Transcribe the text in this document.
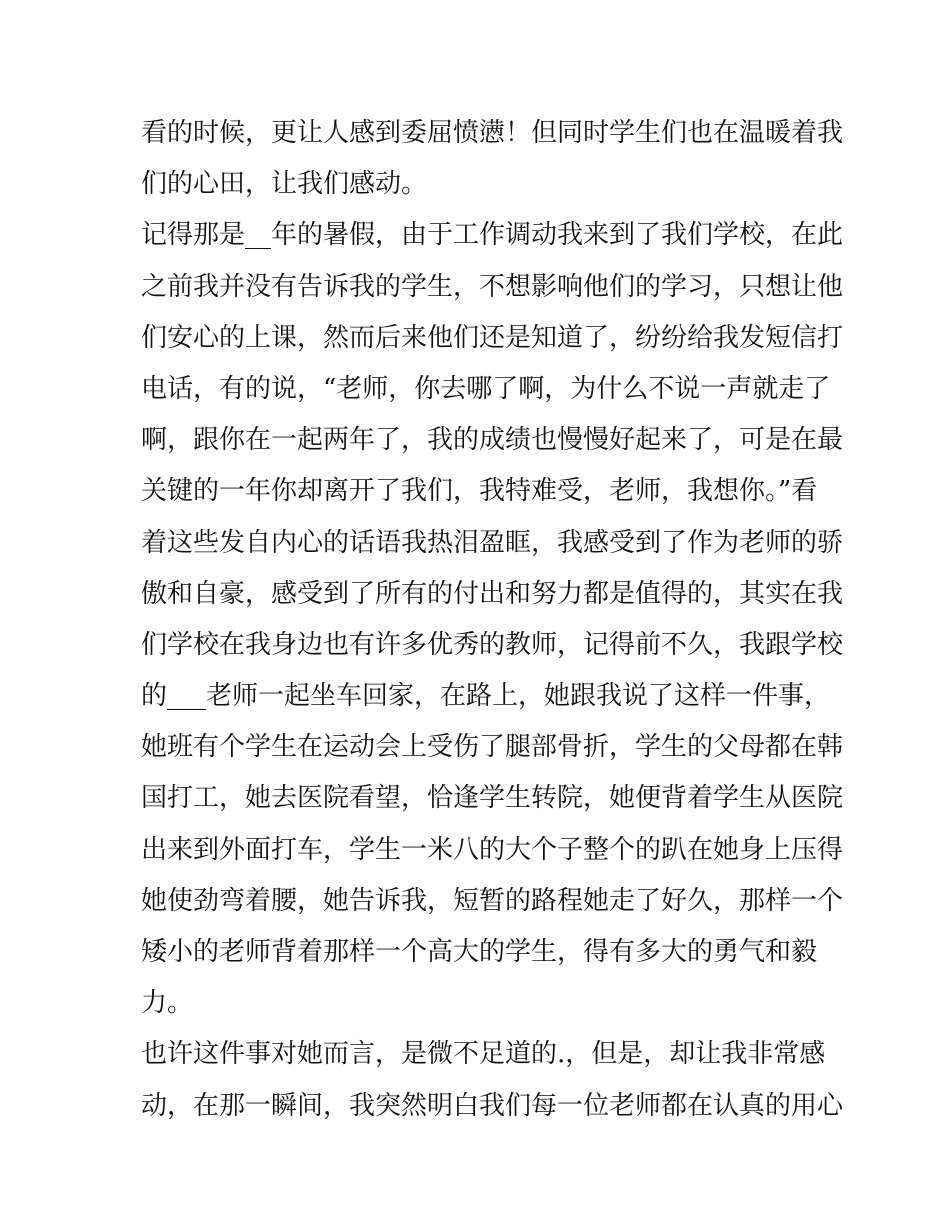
看的时候，更让人感到委屈愤懑！但同时学生们也在温暖着我
们的心田，让我们感动。
记得那是__年的暑假，由于工作调动我来到了我们学校，在此
之前我并没有告诉我的学生，不想影响他们的学习，只想让他
们安心的上课，然而后来他们还是知道了，纷纷给我发短信打
电话，有的说，“老师，你去哪了啊，为什么不说一声就走了
啊，跟你在一起两年了，我的成绩也慢慢好起来了，可是在最
关键的一年你却离开了我们，我特难受，老师，我想你。”看
着这些发自内心的话语我热泪盈眶，我感受到了作为老师的骄
傲和自豪，感受到了所有的付出和努力都是值得的，其实在我
们学校在我身边也有许多优秀的教师，记得前不久，我跟学校
的___老师一起坐车回家，在路上，她跟我说了这样一件事，
她班有个学生在运动会上受伤了腿部骨折，学生的父母都在韩
国打工，她去医院看望，恰逢学生转院，她便背着学生从医院
出来到外面打车，学生一米八的大个子整个的趴在她身上压得
她使劲弯着腰，她告诉我，短暂的路程她走了好久，那样一个
矮小的老师背着那样一个高大的学生，得有多大的勇气和毅
力。
也许这件事对她而言，是微不足道的.，但是，却让我非常感
动，在那一瞬间，我突然明白我们每一位老师都在认真的用心
